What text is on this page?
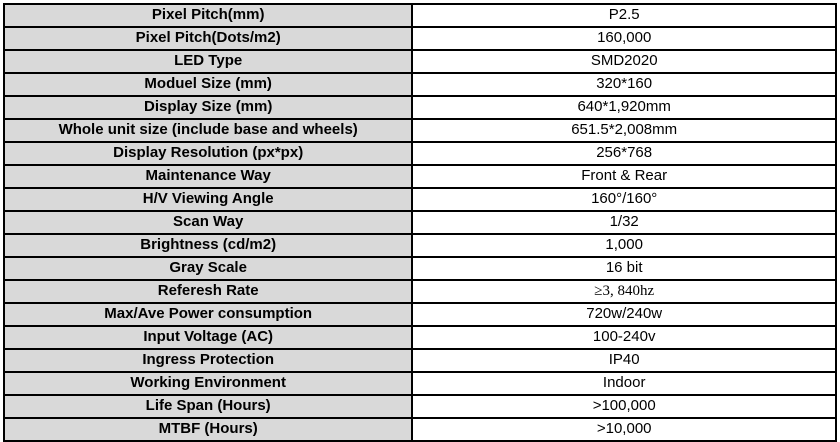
Pixel Pitch(mm)	P2.5
Pixel Pitch(Dots/m2)	160,000
LED Type	SMD2020
Moduel Size (mm)	320*160
Display Size (mm)	640*1,920mm
Whole unit size (include base and wheels)	651.5*2,008mm
Display Resolution (px*px)	256*768
Maintenance Way	Front & Rear
H/V Viewing Angle	160°/160°
Scan Way	1/32
Brightness (cd/m2)	1,000
Gray Scale	16 bit
Referesh Rate	≥3, 840hz
Max/Ave Power consumption	720w/240w
Input Voltage (AC)	100-240v
Ingress Protection	IP40
Working Environment	Indoor
Life Span (Hours)	>100,000
MTBF (Hours)	>10,000
